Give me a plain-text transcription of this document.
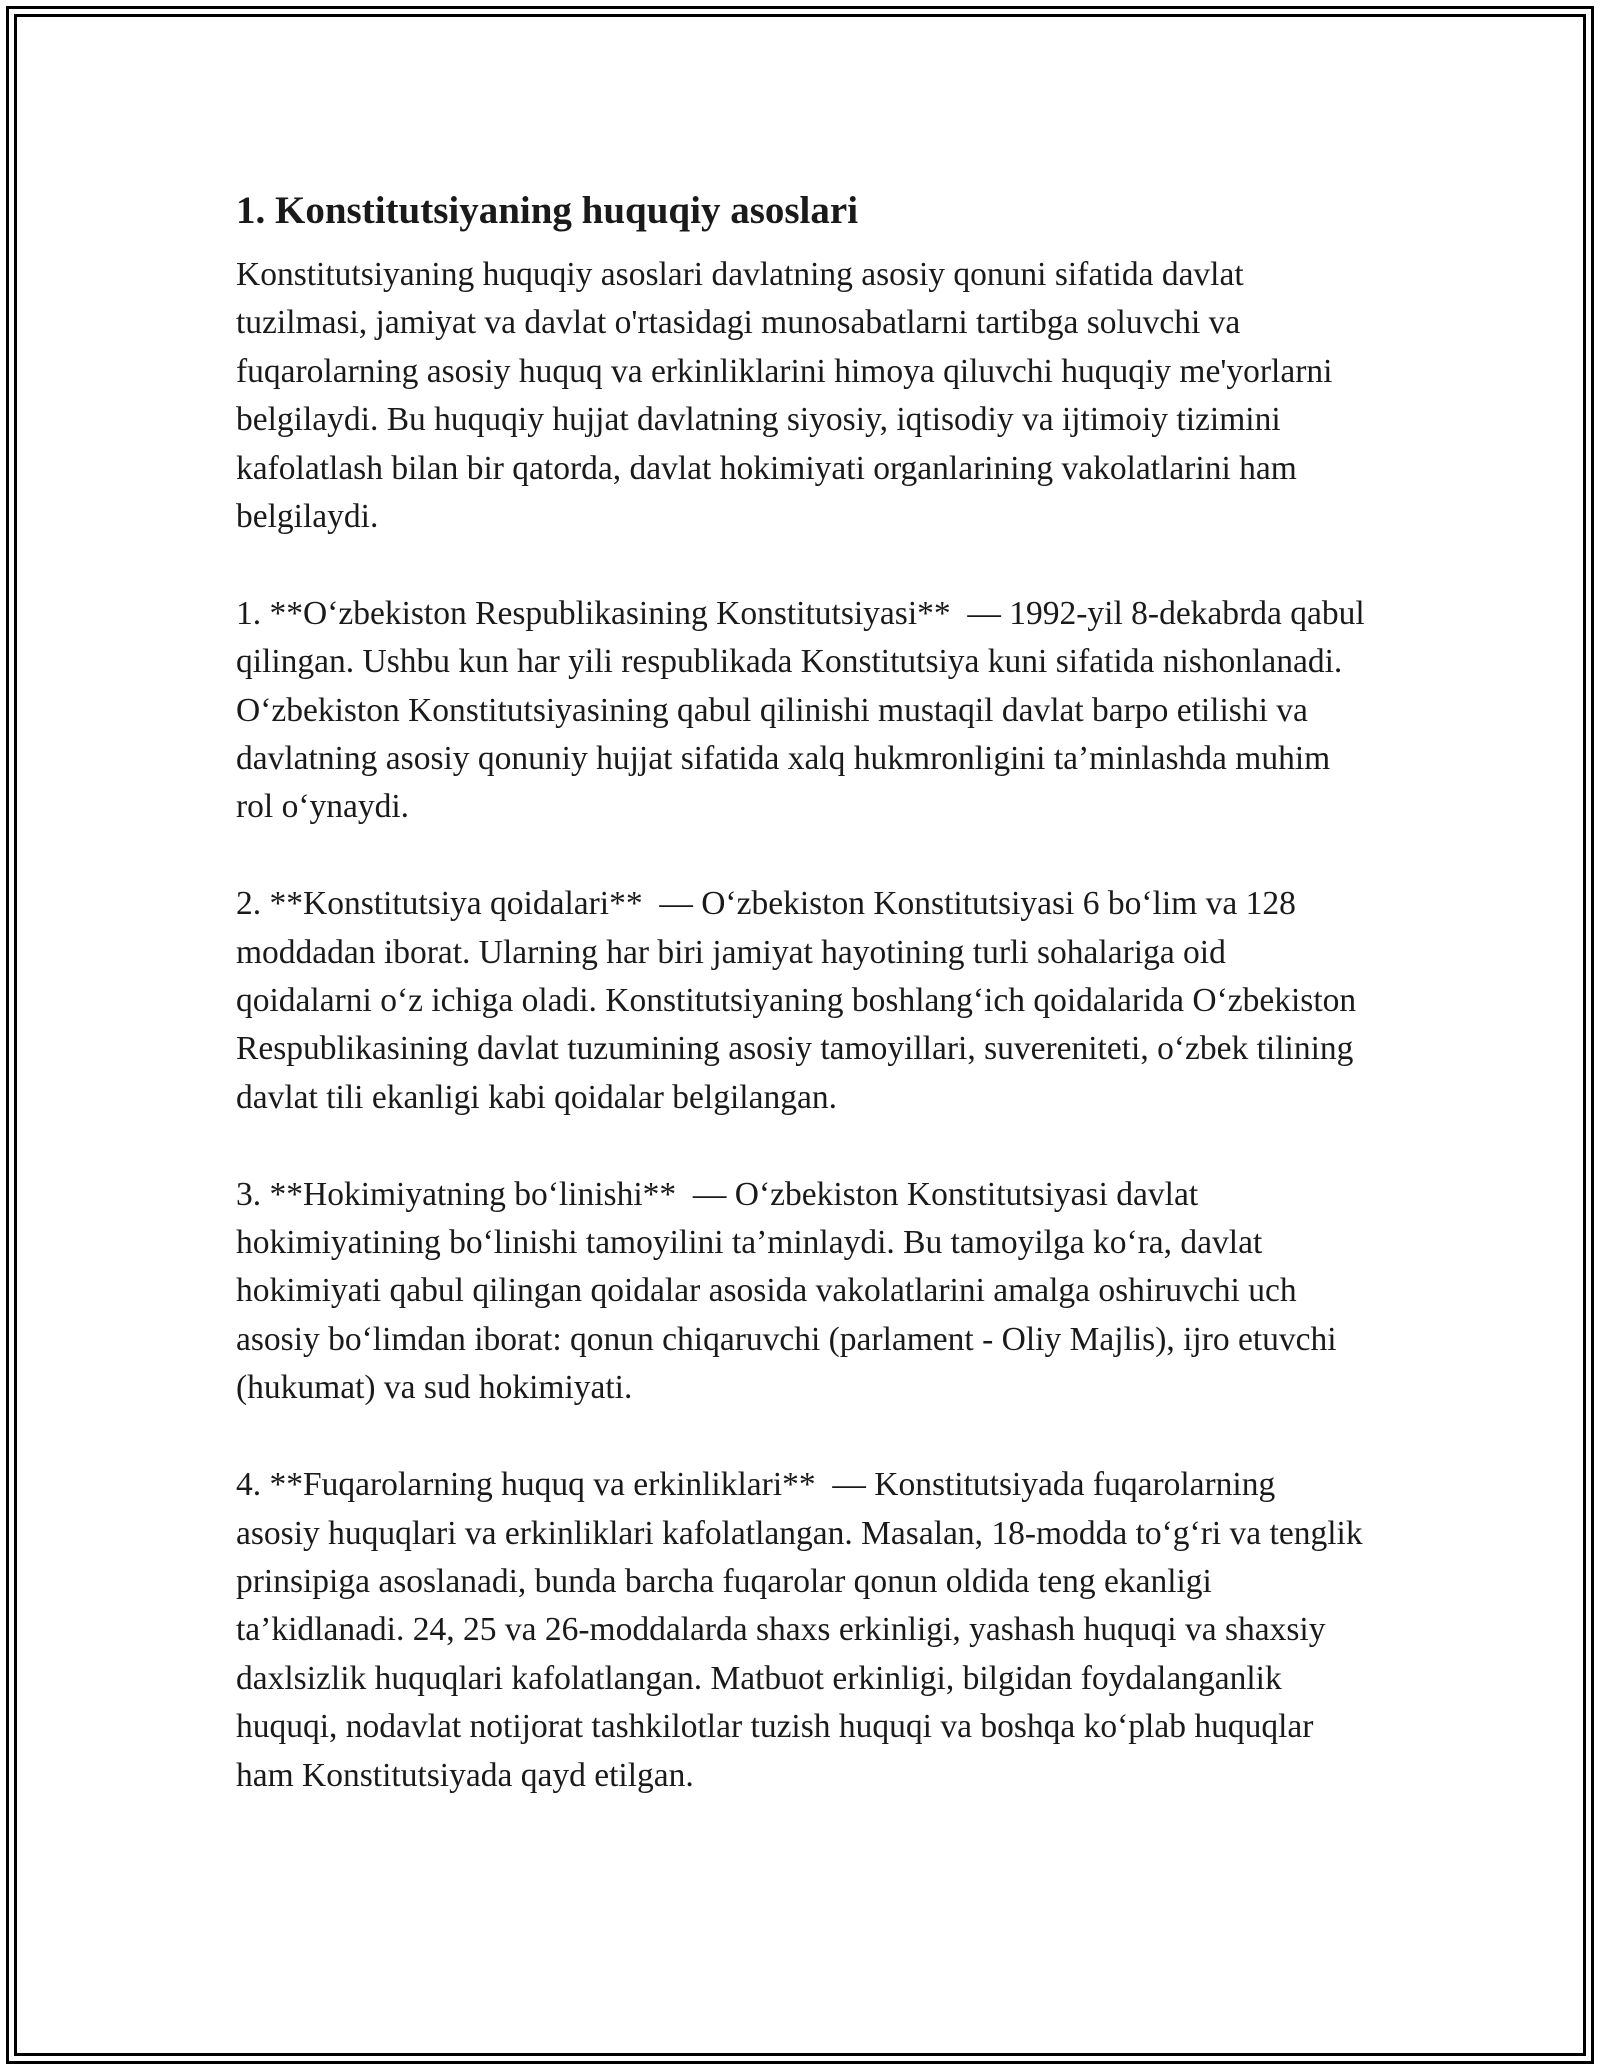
1. Konstitutsiyaning huquqiy asoslari

Konstitutsiyaning huquqiy asoslari davlatning asosiy qonuni sifatida davlat tuzilmasi, jamiyat va davlat o'rtasidagi munosabatlarni tartibga soluvchi va fuqarolarning asosiy huquq va erkinliklarini himoya qiluvchi huquqiy me'yorlarni belgilaydi. Bu huquqiy hujjat davlatning siyosiy, iqtisodiy va ijtimoiy tizimini kafolatlash bilan bir qatorda, davlat hokimiyati organlarining vakolatlarini ham belgilaydi.

1. **O‘zbekiston Respublikasining Konstitutsiyasi**  — 1992-yil 8-dekabrda qabul qilingan. Ushbu kun har yili respublikada Konstitutsiya kuni sifatida nishonlanadi. O‘zbekiston Konstitutsiyasining qabul qilinishi mustaqil davlat barpo etilishi va davlatning asosiy qonuniy hujjat sifatida xalq hukmronligini ta’minlashda muhim rol o‘ynaydi.

2. **Konstitutsiya qoidalari**  — O‘zbekiston Konstitutsiyasi 6 bo‘lim va 128 moddadan iborat. Ularning har biri jamiyat hayotining turli sohalariga oid qoidalarni o‘z ichiga oladi. Konstitutsiyaning boshlang‘ich qoidalarida O‘zbekiston Respublikasining davlat tuzumining asosiy tamoyillari, suvereniteti, o‘zbek tilining davlat tili ekanligi kabi qoidalar belgilangan.

3. **Hokimiyatning bo‘linishi**  — O‘zbekiston Konstitutsiyasi davlat hokimiyatining bo‘linishi tamoyilini ta’minlaydi. Bu tamoyilga ko‘ra, davlat hokimiyati qabul qilingan qoidalar asosida vakolatlarini amalga oshiruvchi uch asosiy bo‘limdan iborat: qonun chiqaruvchi (parlament - Oliy Majlis), ijro etuvchi (hukumat) va sud hokimiyati.

4. **Fuqarolarning huquq va erkinliklari**  — Konstitutsiyada fuqarolarning asosiy huquqlari va erkinliklari kafolatlangan. Masalan, 18-modda to‘g‘ri va tenglik prinsipiga asoslanadi, bunda barcha fuqarolar qonun oldida teng ekanligi ta’kidlanadi. 24, 25 va 26-moddalarda shaxs erkinligi, yashash huquqi va shaxsiy daxlsizlik huquqlari kafolatlangan. Matbuot erkinligi, bilgidan foydalanganlik huquqi, nodavlat notijorat tashkilotlar tuzish huquqi va boshqa ko‘plab huquqlar ham Konstitutsiyada qayd etilgan.
